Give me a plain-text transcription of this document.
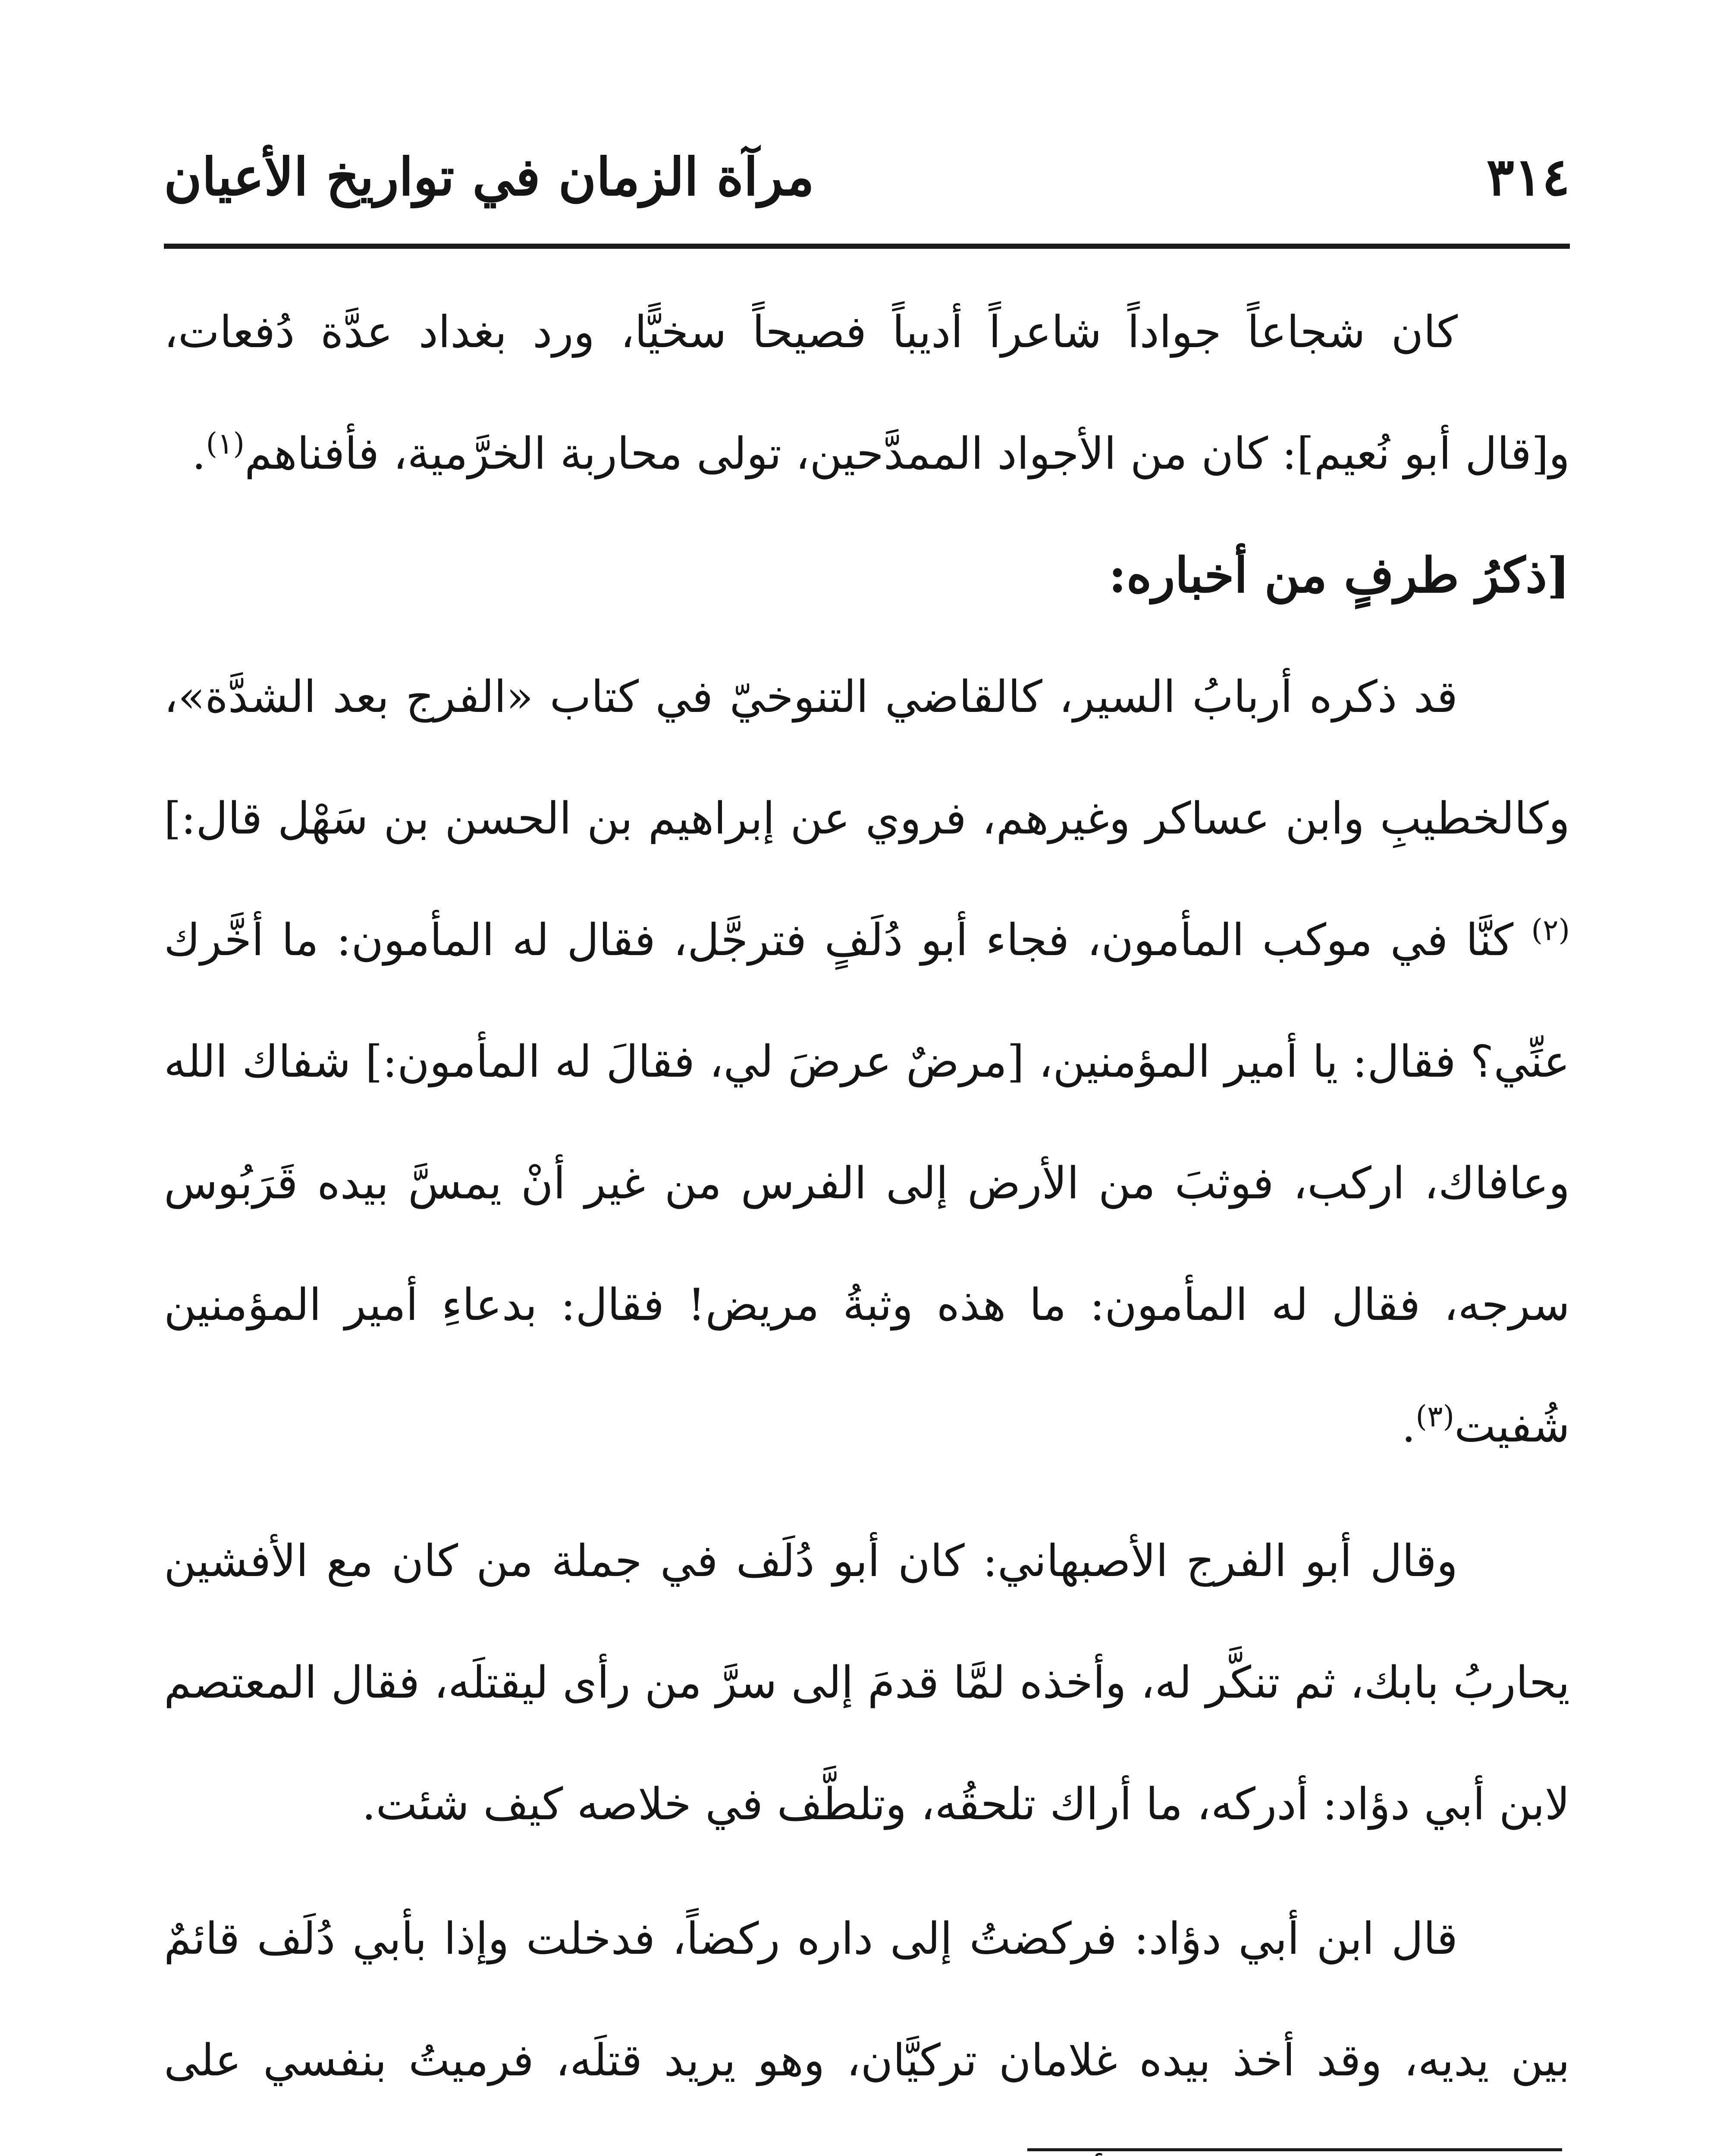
٣١٤
مرآة الزمان في تواريخ الأعيان

كان شجاعاً جواداً شاعراً أديباً فصيحاً سخيًّا، ورد بغداد عدَّة دُفعات، و[قال أبو نُعيم]: كان من الأجواد الممدَّحين، تولى محاربة الخرَّمية، فأفناهم$^{(١)}$.

[ذكرُ طرفٍ من أخباره:

قد ذكره أربابُ السير، كالقاضي التنوخيّ في كتاب «الفرج بعد الشدَّة»، وكالخطيبِ وابن عساكر وغيرهم، فروي عن إبراهيم بن الحسن بن سَهْل قال:]$^{(٢)}$ كنَّا في موكب المأمون، فجاء أبو دُلَفٍ فترجَّل، فقال له المأمون: ما أخَّرك عنِّي؟ فقال: يا أمير المؤمنين، [مرضٌ عرضَ لي، فقالَ له المأمون:] شفاك الله وعافاك، اركب، فوثبَ من الأرض إلى الفرس من غير أنْ يمسَّ بيده قَرَبُوس سرجه، فقال له المأمون: ما هذه وثبةُ مريض! فقال: بدعاءِ أمير المؤمنين شُفيت$^{(٣)}$.

وقال أبو الفرج الأصبهاني: كان أبو دُلَف في جملة من كان مع الأفشين يحاربُ بابك، ثم تنكَّر له، وأخذه لمَّا قدمَ إلى سرَّ من رأى ليقتلَه، فقال المعتصم لابن أبي دؤاد: أدركه، ما أراك تلحقُه، وتلطَّف في خلاصه كيف شئت.

قال ابن أبي دؤاد: فركضتُ إلى داره ركضاً، فدخلت وإذا بأبي دُلَف قائمٌ بين يديه، وقد أخذ بيده غلامان تركيَّان، وهو يريد قتلَه، فرميتُ بنفسي على
